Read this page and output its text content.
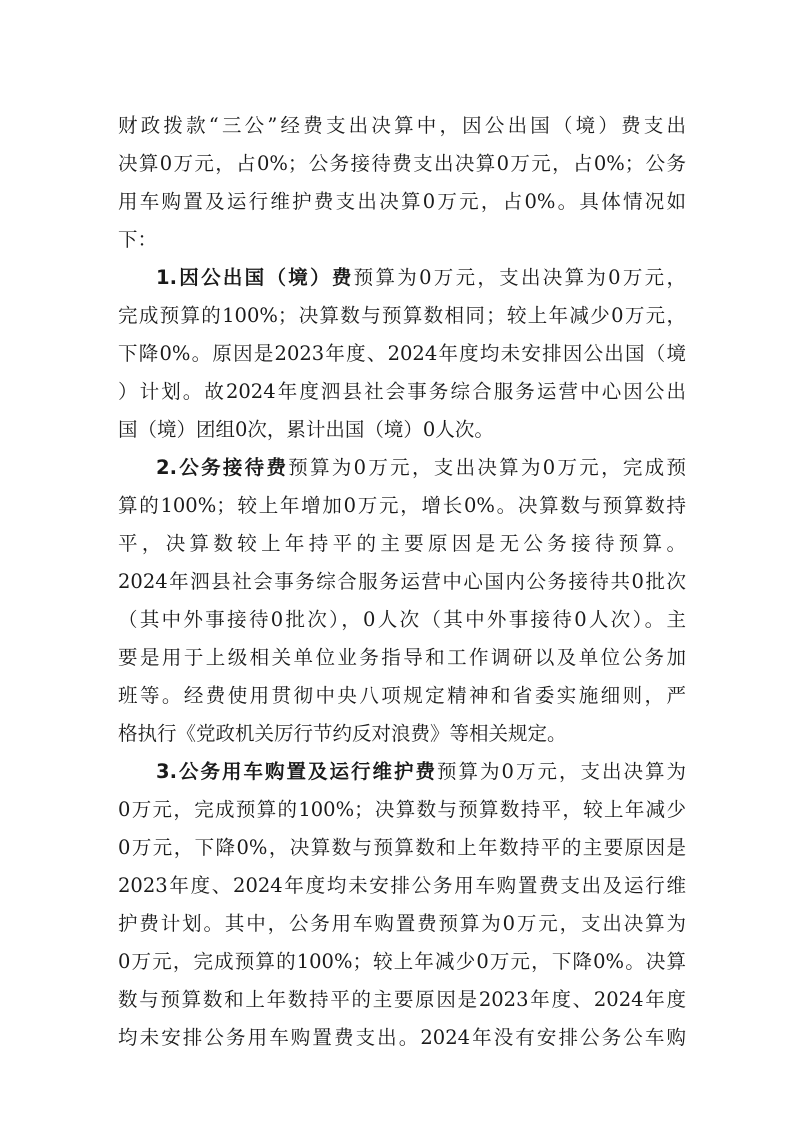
财政拨款“三公”经费支出决算中，因公出国（境）费支出
决算0万元，占0%；公务接待费支出决算0万元，占0%；公务
用车购置及运行维护费支出决算0万元，占0%。具体情况如
下：
1.因公出国（境）费预算为0万元，支出决算为0万元，
完成预算的100%；决算数与预算数相同；较上年减少0万元，
下降0%。原因是2023年度、2024年度均未安排因公出国（境
）计划。故2024年度泗县社会事务综合服务运营中心因公出
国（境）团组0次，累计出国（境）0人次。
2.公务接待费预算为0万元，支出决算为0万元，完成预
算的100%；较上年增加0万元，增长0%。决算数与预算数持
平，决算数较上年持平的主要原因是无公务接待预算。
2024年泗县社会事务综合服务运营中心国内公务接待共0批次
（其中外事接待0批次），0人次（其中外事接待0人次）。主
要是用于上级相关单位业务指导和工作调研以及单位公务加
班等。经费使用贯彻中央八项规定精神和省委实施细则，严
格执行《党政机关厉行节约反对浪费》等相关规定。
3.公务用车购置及运行维护费预算为0万元，支出决算为
0万元，完成预算的100%；决算数与预算数持平，较上年减少
0万元，下降0%，决算数与预算数和上年数持平的主要原因是
2023年度、2024年度均未安排公务用车购置费支出及运行维
护费计划。其中，公务用车购置费预算为0万元，支出决算为
0万元，完成预算的100%；较上年减少0万元，下降0%。决算
数与预算数和上年数持平的主要原因是2023年度、2024年度
均未安排公务用车购置费支出。2024年没有安排公务公车购
